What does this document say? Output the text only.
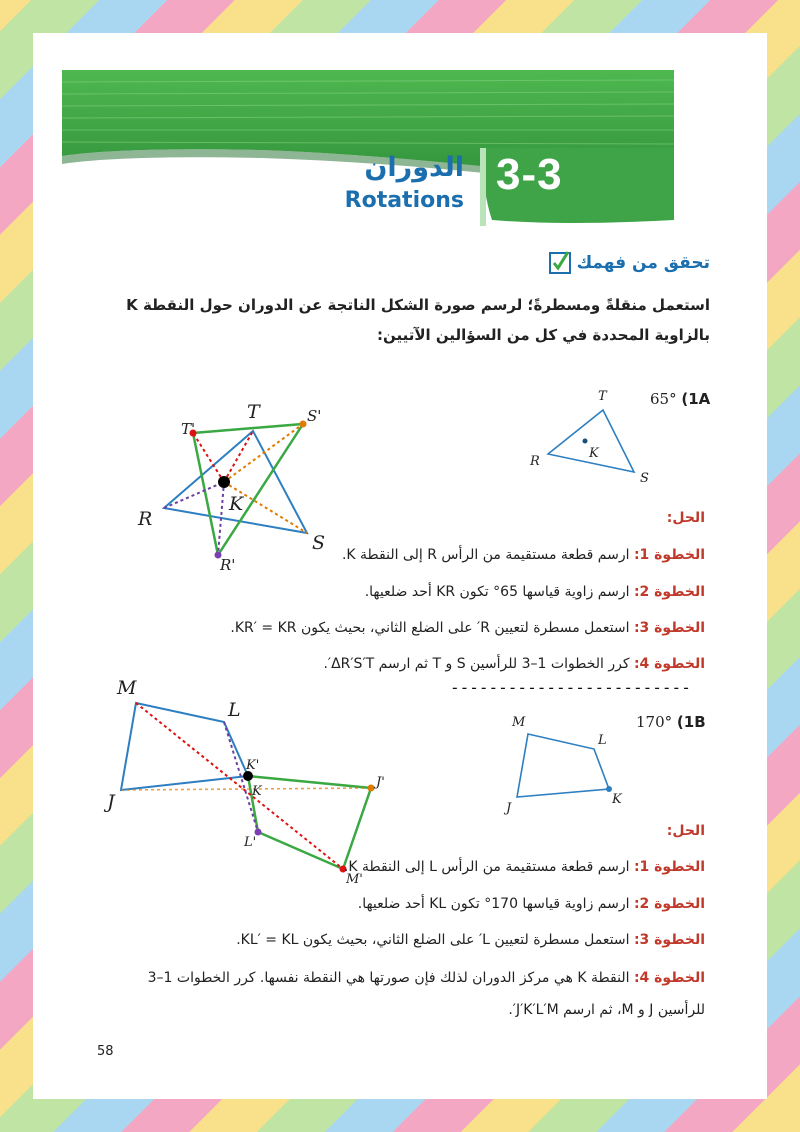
الدوران
Rotations
3-3
تحقق من فهمك
استعمل منقلةً ومسطرةً؛ لرسم صورة الشكل الناتجة عن الدوران حول النقطة K بالزاوية المحددة في كل من السؤالين الآتيين:
65° (1A
T
K
R
S
T'
T	S'
R
K
S
R'
الحل:
الخطوة 1: ارسم قطعة مستقيمة من الرأس R إلى النقطة K.
الخطوة 2: ارسم زاوية قياسها 65° تكون KR أحد ضلعيها.
الخطوة 3: استعمل مسطرة لتعيين R′ على الضلع الثاني، بحيث يكون KR′ = KR.
الخطوة 4: كرر الخطوات 1–3 للرأسين S و T ثم ارسم ΔR′S′T′.
-------------------------
170° (1B
M
L
J
K
M
L
J
K'
K
J'
L'
M'
الحل:
الخطوة 1: ارسم قطعة مستقيمة من الرأس L إلى النقطة K.
الخطوة 2: ارسم زاوية قياسها 170° تكون KL أحد ضلعيها.
الخطوة 3: استعمل مسطرة لتعيين L′ على الضلع الثاني، بحيث يكون KL′ = KL.
الخطوة 4: النقطة K هي مركز الدوران لذلك فإن صورتها هي النقطة نفسها. كرر الخطوات 1–3 للرأسين J و M، ثم ارسم J′K′L′M′.
58
